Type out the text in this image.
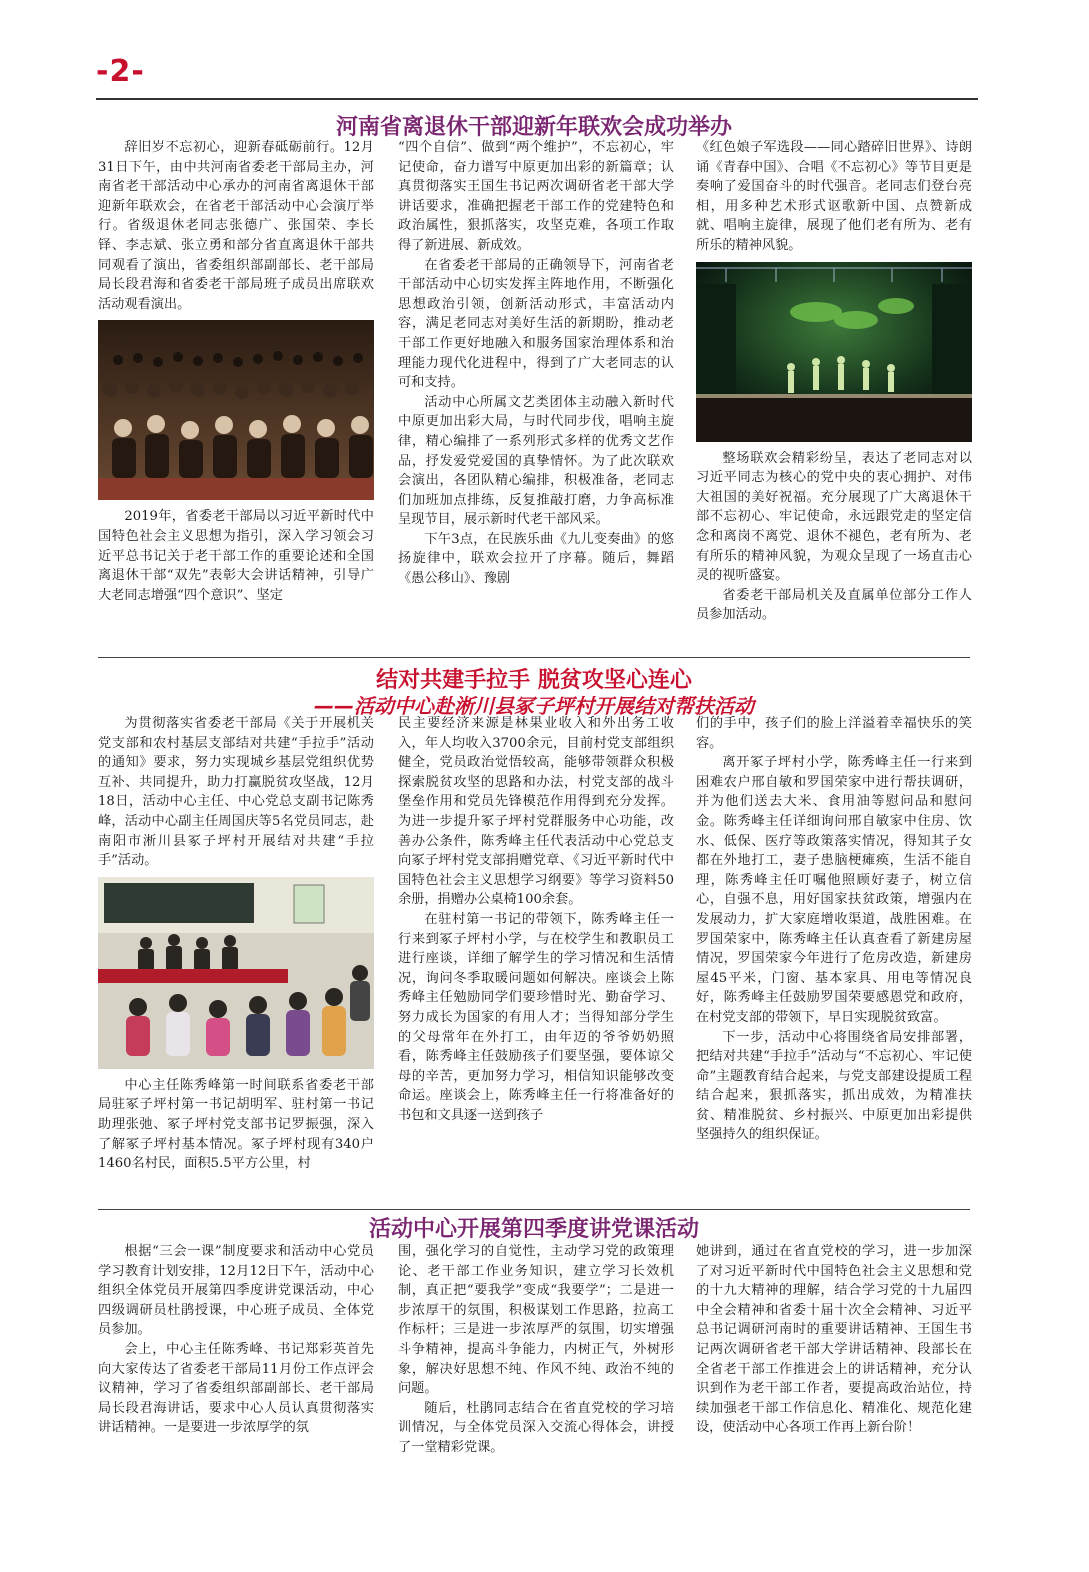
-2-
河南省离退休干部迎新年联欢会成功举办

辞旧岁不忘初心，迎新春砥砺前行。12月31日下午，由中共河南省委老干部局主办，河南省老干部活动中心承办的河南省离退休干部迎新年联欢会，在省老干部活动中心会演厅举行。省级退休老同志张德广、张国荣、李长铎、李志斌、张立勇和部分省直离退休干部共同观看了演出，省委组织部副部长、老干部局局长段君海和省委老干部局班子成员出席联欢活动观看演出。

2019年，省委老干部局以习近平新时代中国特色社会主义思想为指引，深入学习领会习近平总书记关于老干部工作的重要论述和全国离退休干部“双先”表彰大会讲话精神，引导广大老同志增强“四个意识”、坚定

“四个自信”、做到“两个维护”，不忘初心，牢记使命，奋力谱写中原更加出彩的新篇章；认真贯彻落实王国生书记两次调研省老干部大学讲话要求，准确把握老干部工作的党建特色和政治属性，狠抓落实，攻坚克难，各项工作取得了新进展、新成效。

在省委老干部局的正确领导下，河南省老干部活动中心切实发挥主阵地作用，不断强化思想政治引领，创新活动形式，丰富活动内容，满足老同志对美好生活的新期盼，推动老干部工作更好地融入和服务国家治理体系和治理能力现代化进程中，得到了广大老同志的认可和支持。

活动中心所属文艺类团体主动融入新时代中原更加出彩大局，与时代同步伐，唱响主旋律，精心编排了一系列形式多样的优秀文艺作品，抒发爱党爱国的真挚情怀。为了此次联欢会演出，各团队精心编排，积极准备，老同志们加班加点排练，反复推敲打磨，力争高标准呈现节目，展示新时代老干部风采。

下午3点，在民族乐曲《九儿变奏曲》的悠扬旋律中，联欢会拉开了序幕。随后，舞蹈《愚公移山》、豫剧

《红色娘子军选段——同心踏碎旧世界》、诗朗诵《青春中国》、合唱《不忘初心》等节目更是奏响了爱国奋斗的时代强音。老同志们登台亮相，用多种艺术形式讴歌新中国、点赞新成就、唱响主旋律，展现了他们老有所为、老有所乐的精神风貌。

整场联欢会精彩纷呈，表达了老同志对以习近平同志为核心的党中央的衷心拥护、对伟大祖国的美好祝福。充分展现了广大离退休干部不忘初心、牢记使命，永远跟党走的坚定信念和离岗不离党、退休不褪色，老有所为、老有所乐的精神风貌，为观众呈现了一场直击心灵的视听盛宴。

省委老干部局机关及直属单位部分工作人员参加活动。

结对共建手拉手 脱贫攻坚心连心
——活动中心赴淅川县冢子坪村开展结对帮扶活动

为贯彻落实省委老干部局《关于开展机关党支部和农村基层支部结对共建“手拉手”活动的通知》要求，努力实现城乡基层党组织优势互补、共同提升，助力打赢脱贫攻坚战，12月18日，活动中心主任、中心党总支副书记陈秀峰，活动中心副主任周国庆等5名党员同志，赴南阳市淅川县冢子坪村开展结对共建“手拉手”活动。

中心主任陈秀峰第一时间联系省委老干部局驻冢子坪村第一书记胡明军、驻村第一书记助理张弛、冢子坪村党支部书记罗振强，深入了解冢子坪村基本情况。冢子坪村现有340户1460名村民，面积5.5平方公里，村

民主要经济来源是林果业收入和外出务工收入，年人均收入3700余元，目前村党支部组织健全，党员政治觉悟较高，能够带领群众积极探索脱贫攻坚的思路和办法，村党支部的战斗堡垒作用和党员先锋模范作用得到充分发挥。为进一步提升冢子坪村党群服务中心功能，改善办公条件，陈秀峰主任代表活动中心党总支向冢子坪村党支部捐赠党章、《习近平新时代中国特色社会主义思想学习纲要》等学习资料50余册，捐赠办公桌椅100余套。

在驻村第一书记的带领下，陈秀峰主任一行来到冢子坪村小学，与在校学生和教职员工进行座谈，详细了解学生的学习情况和生活情况，询问冬季取暖问题如何解决。座谈会上陈秀峰主任勉励同学们要珍惜时光、勤奋学习、努力成长为国家的有用人才；当得知部分学生的父母常年在外打工，由年迈的爷爷奶奶照看，陈秀峰主任鼓励孩子们要坚强，要体谅父母的辛苦，更加努力学习，相信知识能够改变命运。座谈会上，陈秀峰主任一行将准备好的书包和文具逐一送到孩子

们的手中，孩子们的脸上洋溢着幸福快乐的笑容。

离开冢子坪村小学，陈秀峰主任一行来到困难农户邢自敏和罗国荣家中进行帮扶调研，并为他们送去大米、食用油等慰问品和慰问金。陈秀峰主任详细询问邢自敏家中住房、饮水、低保、医疗等政策落实情况，得知其子女都在外地打工，妻子患脑梗瘫痪，生活不能自理，陈秀峰主任叮嘱他照顾好妻子，树立信心，自强不息，用好国家扶贫政策，增强内在发展动力，扩大家庭增收渠道，战胜困难。在罗国荣家中，陈秀峰主任认真查看了新建房屋情况，罗国荣家今年进行了危房改造，新建房屋45平米，门窗、基本家具、用电等情况良好，陈秀峰主任鼓励罗国荣要感恩党和政府，在村党支部的带领下，早日实现脱贫致富。

下一步，活动中心将围绕省局安排部署，把结对共建“手拉手”活动与“不忘初心、牢记使命”主题教育结合起来，与党支部建设提质工程结合起来，狠抓落实，抓出成效，为精准扶贫、精准脱贫、乡村振兴、中原更加出彩提供坚强持久的组织保证。

活动中心开展第四季度讲党课活动

根据“三会一课”制度要求和活动中心党员学习教育计划安排，12月12日下午，活动中心组织全体党员开展第四季度讲党课活动，中心四级调研员杜鹃授课，中心班子成员、全体党员参加。

会上，中心主任陈秀峰、书记郑彩英首先向大家传达了省委老干部局11月份工作点评会议精神，学习了省委组织部副部长、老干部局局长段君海讲话，要求中心人员认真贯彻落实讲话精神。一是要进一步浓厚学的氛

围，强化学习的自觉性，主动学习党的政策理论、老干部工作业务知识，建立学习长效机制，真正把“要我学”变成“我要学”；二是进一步浓厚干的氛围，积极谋划工作思路，拉高工作标杆；三是进一步浓厚严的氛围，切实增强斗争精神，提高斗争能力，内树正气，外树形象，解决好思想不纯、作风不纯、政治不纯的问题。

随后，杜鹃同志结合在省直党校的学习培训情况，与全体党员深入交流心得体会，讲授了一堂精彩党课。

她讲到，通过在省直党校的学习，进一步加深了对习近平新时代中国特色社会主义思想和党的十九大精神的理解，结合学习党的十九届四中全会精神和省委十届十次全会精神、习近平总书记调研河南时的重要讲话精神、王国生书记两次调研省老干部大学讲话精神、段部长在全省老干部工作推进会上的讲话精神，充分认识到作为老干部工作者，要提高政治站位，持续加强老干部工作信息化、精准化、规范化建设，使活动中心各项工作再上新台阶！
